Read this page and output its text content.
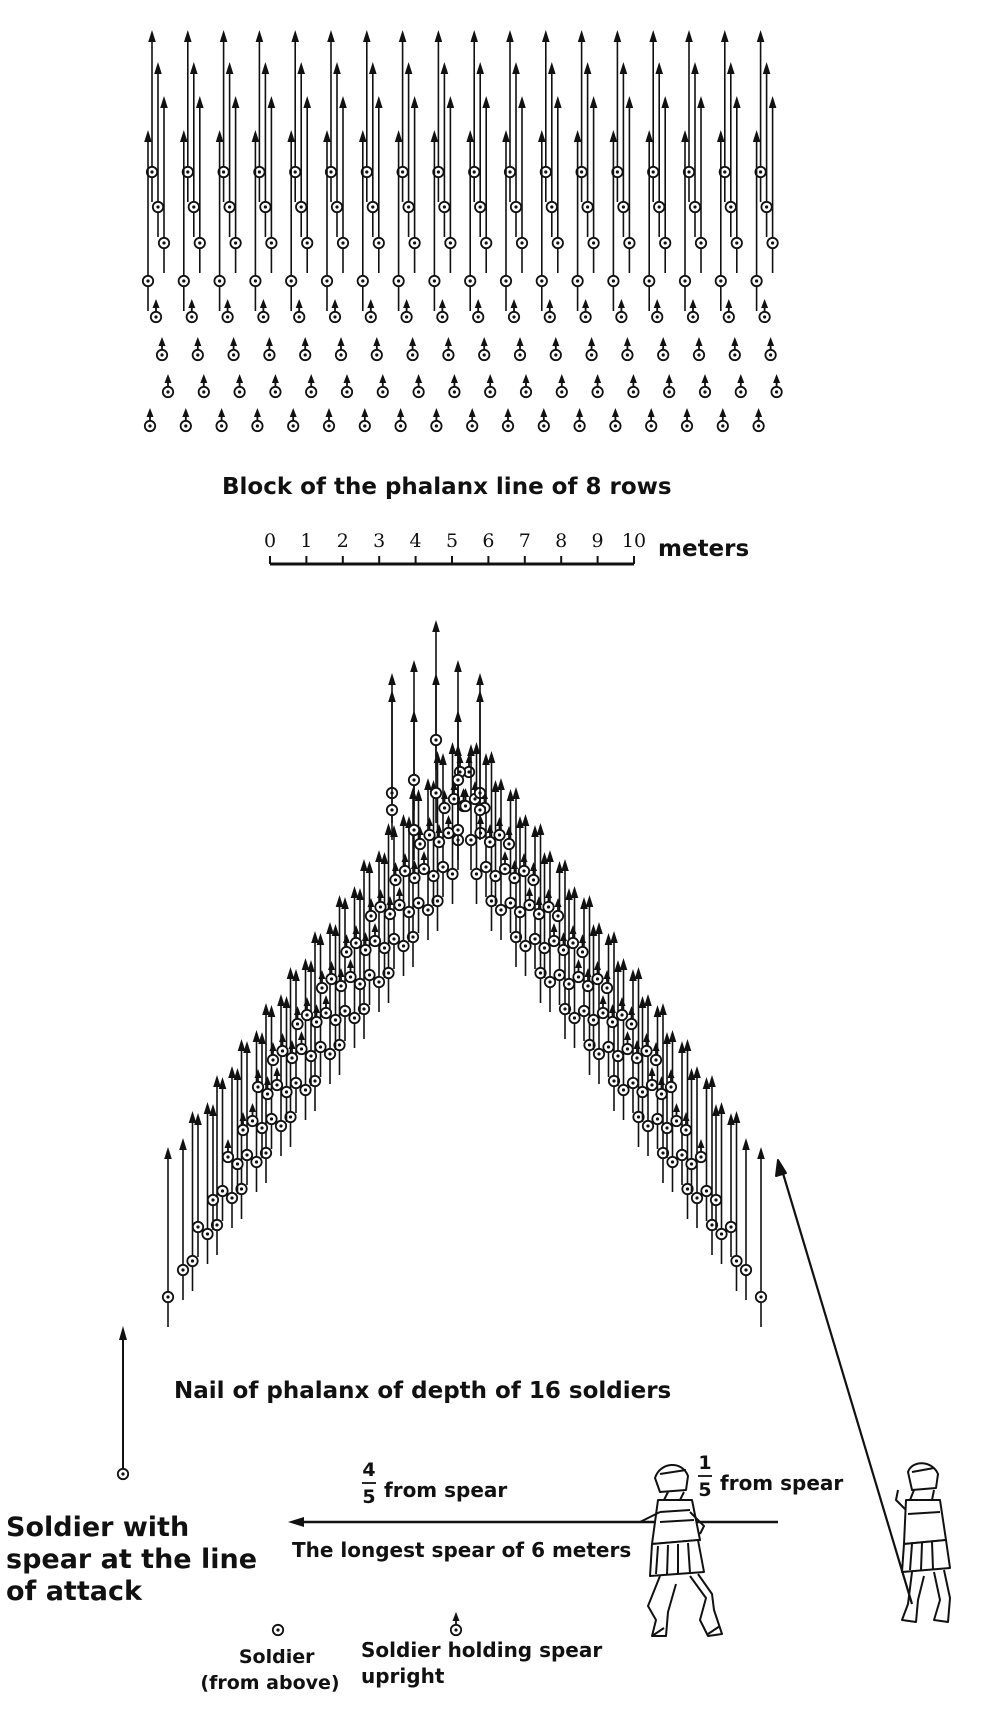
Block of the phalanx line of 8 rows
0 1 2 3 4 5 6 7 8 9 10 meters
Nail of phalanx of depth of 16 soldiers
Soldier with spear at the line of attack
Soldier (from above)
Soldier holding spear upright
4
5 from spear
1
5 from spear
The longest spear of 6 meters
